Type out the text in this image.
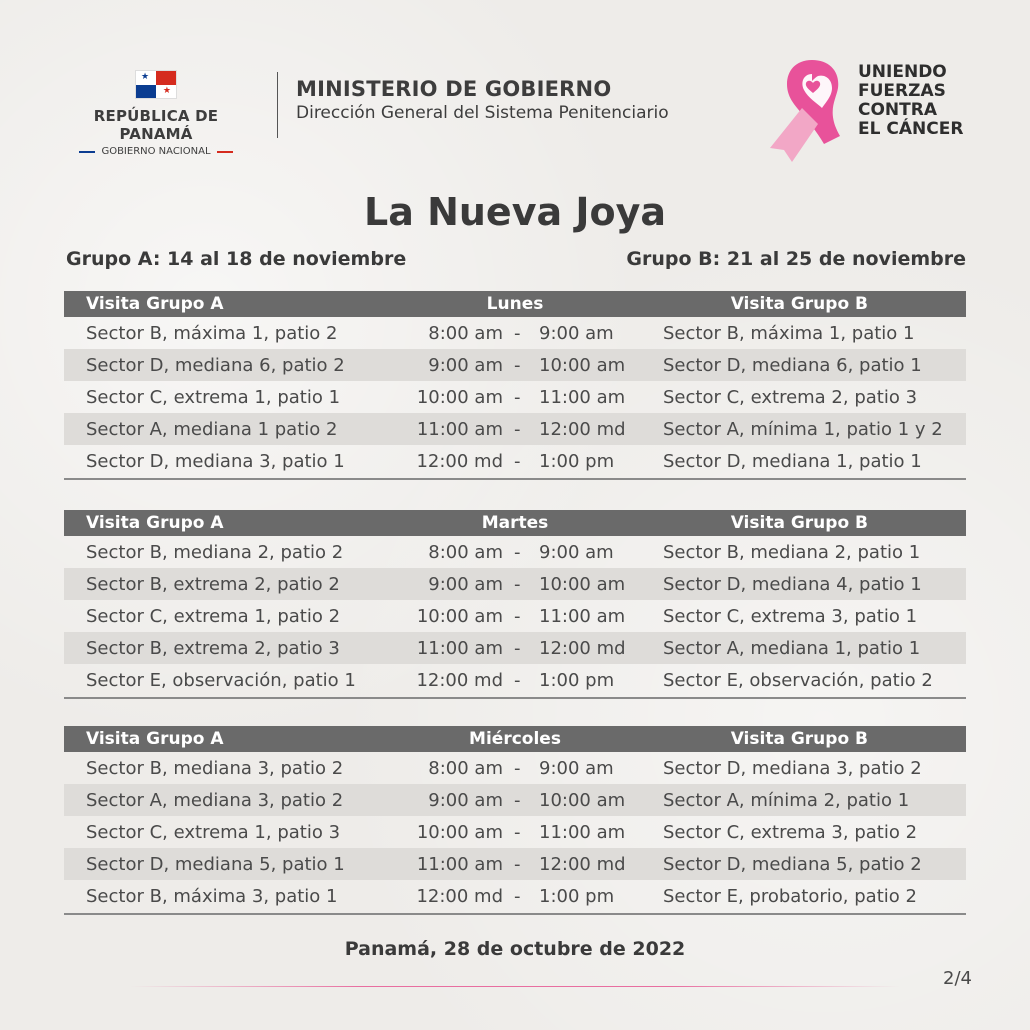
★
★
REPÚBLICA DE PANAMÁ
GOBIERNO NACIONAL
MINISTERIO DE GOBIERNO
Dirección General del Sistema Penitenciario
UNIENDO
FUERZAS
CONTRA
EL CÁNCER
La Nueva Joya
Grupo A: 14 al 18 de noviembre	Grupo B: 21 al 25 de noviembre
Lunes
Visita Grupo A	Visita Grupo B
Sector B, máxima 1, patio 2	8:00 am - 9:00 am	Sector B, máxima 1, patio 1
Sector D, mediana 6, patio 2	9:00 am - 10:00 am Sector D, mediana 6, patio 1
Sector C, extrema 1, patio 1	10:00 am - 11:00 am Sector C, extrema 2, patio 3
Sector A, mediana 1 patio 2	11:00 am - 12:00 md Sector A, mínima 1, patio 1 y 2
Sector D, mediana 3, patio 1	12:00 md - 1:00 pm	Sector D, mediana 1, patio 1
Martes
Visita Grupo A	Visita Grupo B
Sector B, mediana 2, patio 2	8:00 am - 9:00 am	Sector B, mediana 2, patio 1
Sector B, extrema 2, patio 2	9:00 am - 10:00 am Sector D, mediana 4, patio 1
Sector C, extrema 1, patio 2	10:00 am - 11:00 am Sector C, extrema 3, patio 1
Sector B, extrema 2, patio 3	11:00 am - 12:00 md Sector A, mediana 1, patio 1
Sector E, observación, patio 1	12:00 md - 1:00 pm	Sector E, observación, patio 2
Miércoles
Visita Grupo A	Visita Grupo B
Sector B, mediana 3, patio 2	8:00 am - 9:00 am	Sector D, mediana 3, patio 2
Sector A, mediana 3, patio 2	9:00 am - 10:00 am Sector A, mínima 2, patio 1
Sector C, extrema 1, patio 3	10:00 am - 11:00 am Sector C, extrema 3, patio 2
Sector D, mediana 5, patio 1	11:00 am - 12:00 md Sector D, mediana 5, patio 2
Sector B, máxima 3, patio 1	12:00 md - 1:00 pm	Sector E, probatorio, patio 2
Panamá, 28 de octubre de 2022
2/4
